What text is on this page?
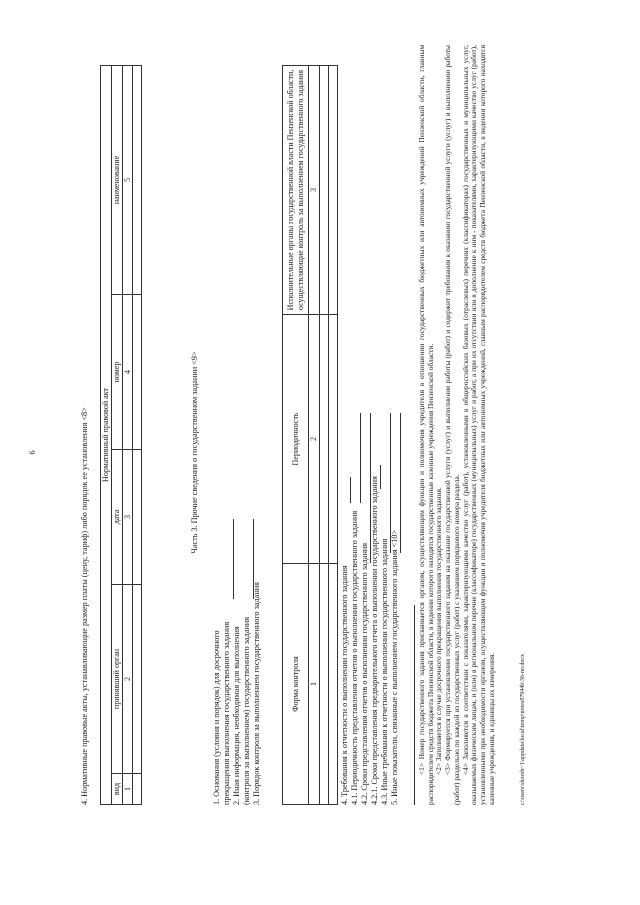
6	4. Нормативные правовые акты, устанавливающие размер платы (цену, тариф) либо порядок ее установления <8> Нормативный правовой акт				
вид	принявший орган	дата	номер	наименование
1	2	3	4	5

Часть 3. Прочие сведения о государственном задании <9>
1. Основания (условия и порядок) для досрочного прекращения выполнения государственного задания 2. Иная информация, необходимая для выполнения (контроля за выполнением) государственного задания 3. Порядок контроля за выполнением государственного задания	Форма контроля	Периодичность	Исполнительные органы государственной власти Пензенской области, осуществляющие контроль за выполнением государственного задания
1	2	3

4. Требования к отчетности о выполнении государственного задания 4.1. Периодичность представления отчетов о выполнении государственного задания 4.2. Сроки представления отчетов о выполнении государственного задания 4.2.1. Сроки представления предварительного отчета о выполнении государственного задания 4.3. Иные требования к отчетности о выполнении государственного задания 5. Иные показатели, связанные с выполнением государственного задания <10> <1> Номер государственного задания присваивается органом, осуществляющим функции и полномочия учредителя в отношении государственных бюджетных или автономных учреждений Пензенской области, главным распорядителем средств бюджета Пензенской области, в ведении которого находятся государственные казенные учреждения Пензенской области. <2> Заполняется в случае досрочного прекращения выполнения государственного задания. <3> Формируется при установлении государственного задания на оказание государственной услуги (услуг) и выполнение работы (работ) и содержит требования к оказанию государственной услуги (услуг) и выполнению работы (работ) раздельно по каждой из государственных услуг (работ) с указанием порядкового номера раздела. <4> Заполняется в соответствии с показателями, характеризующими качество услуг (работ), установленными в общероссийских базовых (отраслевых) перечнях (классификаторах) государственных и муниципальных услуг, оказываемых физическим лицам, и (или) в региональном перечне (классификаторе) государственных (муниципальных) услуг и работ, а при их отсутствии или в дополнение к ним - показателями, характеризующими качество услуг (работ), установленными при необходимости органом, осуществляющим функции и полномочия учредителя бюджетных или автономных учреждений, главным распорядителем средств бюджета Пензенской области, в ведении которого находятся казенные учреждения, и единицы их измерения.	c:\users\shorob~1\appdata\local\temp\notes87944b\36-no.docx
